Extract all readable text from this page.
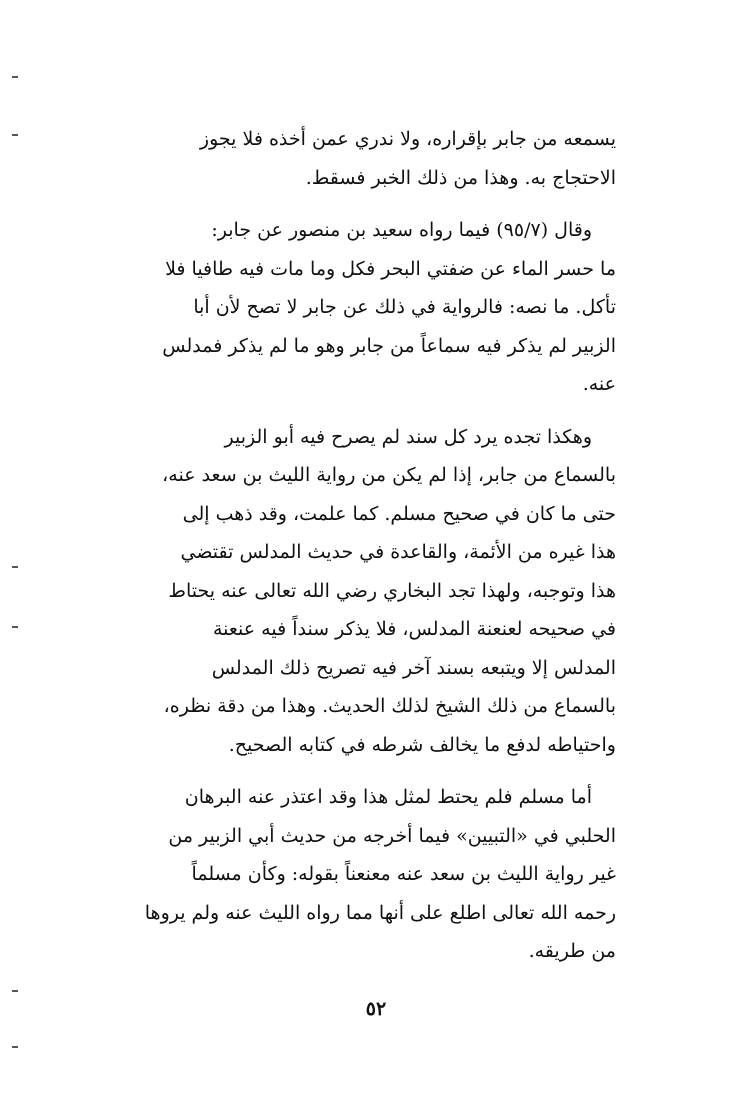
يسمعه من جابر بإقراره، ولا ندري عمن أخذه فلا يجوز
الاحتجاج به. وهذا من ذلك الخبر فسقط.
وقال (٩٥/٧) فيما رواه سعيد بن منصور عن جابر:
ما حسر الماء عن ضفتي البحر فكل وما مات فيه طافيا فلا
تأكل. ما نصه: فالرواية في ذلك عن جابر لا تصح لأن أبا
الزبير لم يذكر فيه سماعاً من جابر وهو ما لم يذكر فمدلس
عنه.
وهكذا تجده يرد كل سند لم يصرح فيه أبو الزبير
بالسماع من جابر، إذا لم يكن من رواية الليث بن سعد عنه،
حتى ما كان في صحيح مسلم. كما علمت، وقد ذهب إلى
هذا غيره من الأئمة، والقاعدة في حديث المدلس تقتضي
هذا وتوجبه، ولهذا تجد البخاري رضي الله تعالى عنه يحتاط
في صحيحه لعنعنة المدلس، فلا يذكر سنداً فيه عنعنة
المدلس إلا ويتبعه بسند آخر فيه تصريح ذلك المدلس
بالسماع من ذلك الشيخ لذلك الحديث. وهذا من دقة نظره،
واحتياطه لدفع ما يخالف شرطه في كتابه الصحيح.
أما مسلم فلم يحتط لمثل هذا وقد اعتذر عنه البرهان
الحلبي في «التبيين» فيما أخرجه من حديث أبي الزبير من
غير رواية الليث بن سعد عنه معنعناً بقوله: وكأن مسلماً
رحمه الله تعالى اطلع على أنها مما رواه الليث عنه ولم يروها
من طريقه.
٥٢
